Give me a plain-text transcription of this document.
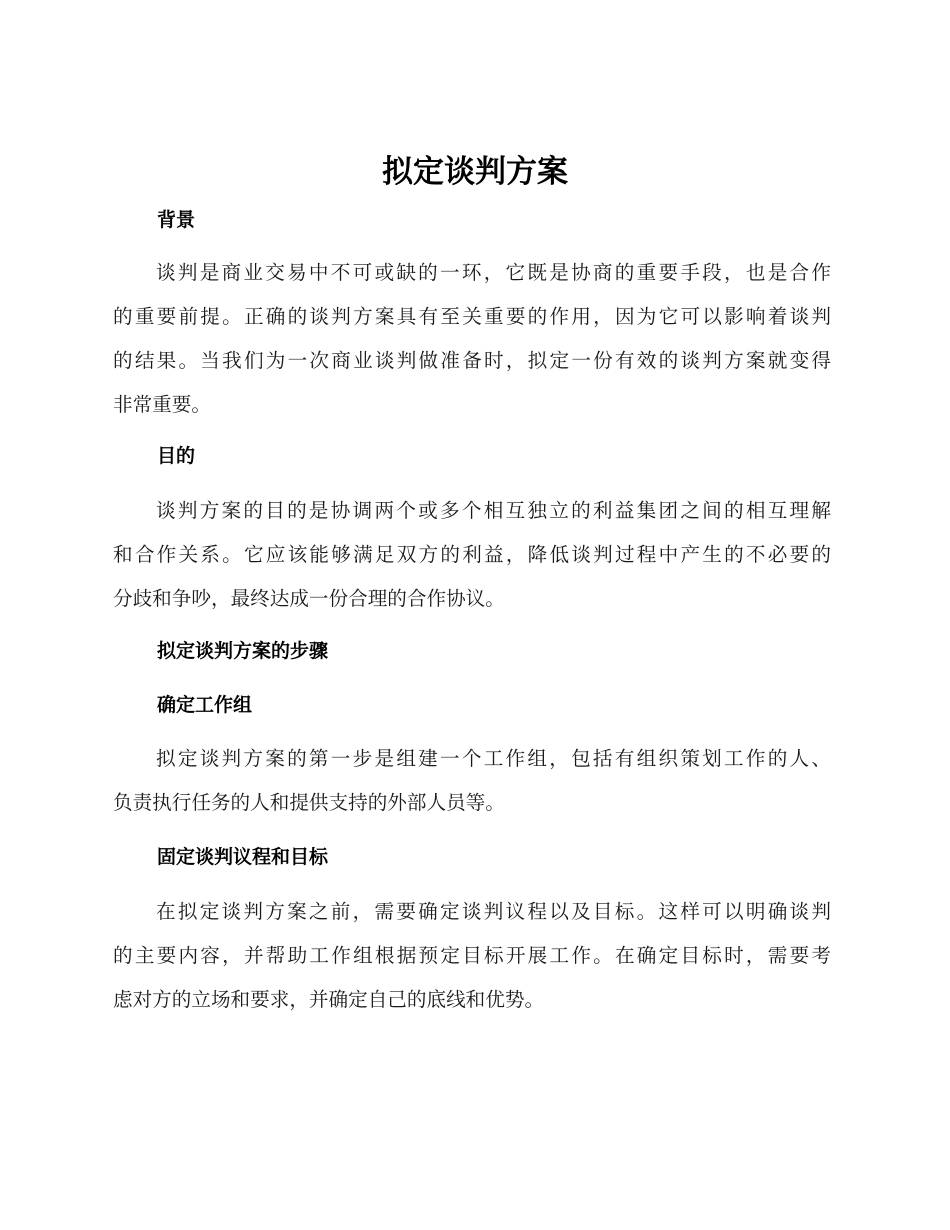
拟定谈判方案
背景
谈判是商业交易中不可或缺的一环，它既是协商的重要手段，也是合作
的重要前提。正确的谈判方案具有至关重要的作用，因为它可以影响着谈判
的结果。当我们为一次商业谈判做准备时，拟定一份有效的谈判方案就变得
非常重要。
目的
谈判方案的目的是协调两个或多个相互独立的利益集团之间的相互理解
和合作关系。它应该能够满足双方的利益，降低谈判过程中产生的不必要的
分歧和争吵，最终达成一份合理的合作协议。
拟定谈判方案的步骤
确定工作组
拟定谈判方案的第一步是组建一个工作组，包括有组织策划工作的人、
负责执行任务的人和提供支持的外部人员等。
固定谈判议程和目标
在拟定谈判方案之前，需要确定谈判议程以及目标。这样可以明确谈判
的主要内容，并帮助工作组根据预定目标开展工作。在确定目标时，需要考
虑对方的立场和要求，并确定自己的底线和优势。
